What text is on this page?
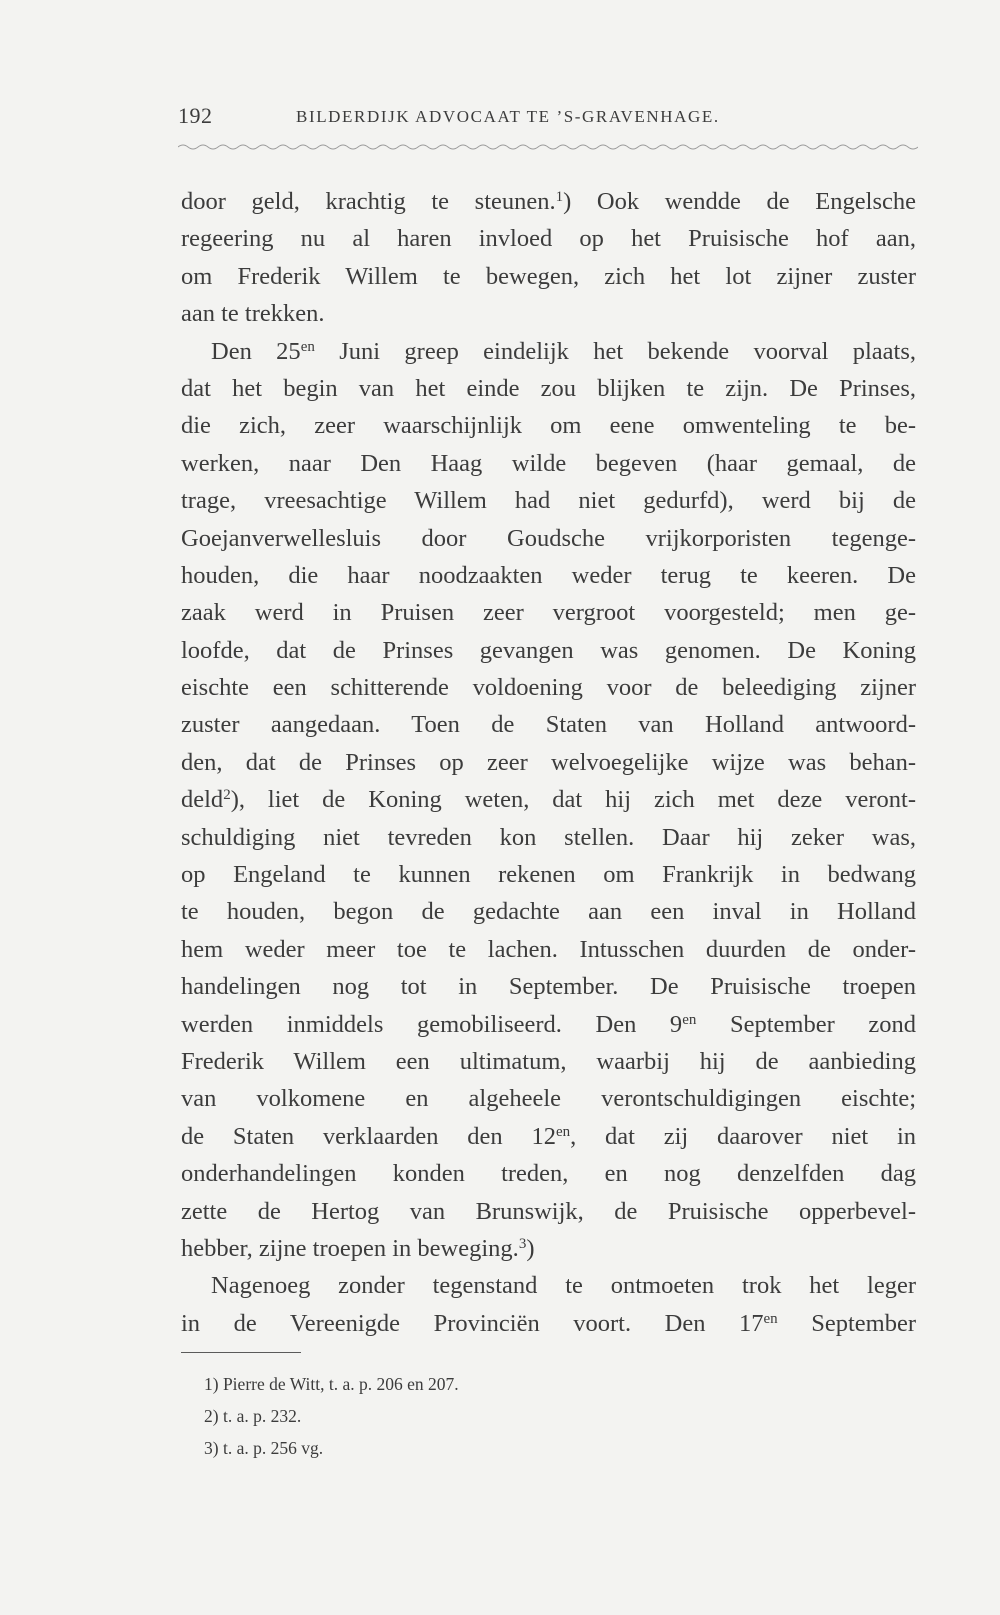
192	BILDERDIJK ADVOCAAT TE ’S-GRAVENHAGE.
door geld, krachtig te steunen.$^1$) Ook wendde de Engelsche
regeering nu al haren invloed op het Pruisische hof aan,
om Frederik Willem te bewegen, zich het lot zijner zuster
aan te trekken.
Den $25^{en}$ Juni greep eindelijk het bekende voorval plaats,
dat het begin van het einde zou blijken te zijn. De Prinses,
die zich, zeer waarschijnlijk om eene omwenteling te be-
werken, naar Den Haag wilde begeven (haar gemaal, de
trage, vreesachtige Willem had niet gedurfd), werd bij de
Goejanverwellesluis door Goudsche vrijkorporisten tegenge-
houden, die haar noodzaakten weder terug te keeren. De
zaak werd in Pruisen zeer vergroot voorgesteld; men ge-
loofde, dat de Prinses gevangen was genomen. De Koning
eischte een schitterende voldoening voor de beleediging zijner
zuster aangedaan. Toen de Staten van Holland antwoord-
den, dat de Prinses op zeer welvoegelijke wijze was behan-
deld$^2$), liet de Koning weten, dat hij zich met deze veront-
schuldiging niet tevreden kon stellen. Daar hij zeker was,
op Engeland te kunnen rekenen om Frankrijk in bedwang
te houden, begon de gedachte aan een inval in Holland
hem weder meer toe te lachen. Intusschen duurden de onder-
handelingen nog tot in September. De Pruisische troepen
werden inmiddels gemobiliseerd. Den $9^{en}$ September zond
Frederik Willem een ultimatum, waarbij hij de aanbieding
van volkomene en algeheele verontschuldigingen eischte;
de Staten verklaarden den $12^{en}$, dat zij daarover niet in
onderhandelingen konden treden, en nog denzelfden dag
zette de Hertog van Brunswijk, de Pruisische opperbevel-
hebber, zijne troepen in beweging.$^3$)
Nagenoeg zonder tegenstand te ontmoeten trok het leger
in de Vereenigde Provinciën voort. Den $17^{en}$ September
1) Pierre de Witt, t. a. p. 206 en 207.
2) t. a. p. 232.
3) t. a. p. 256 vg.
